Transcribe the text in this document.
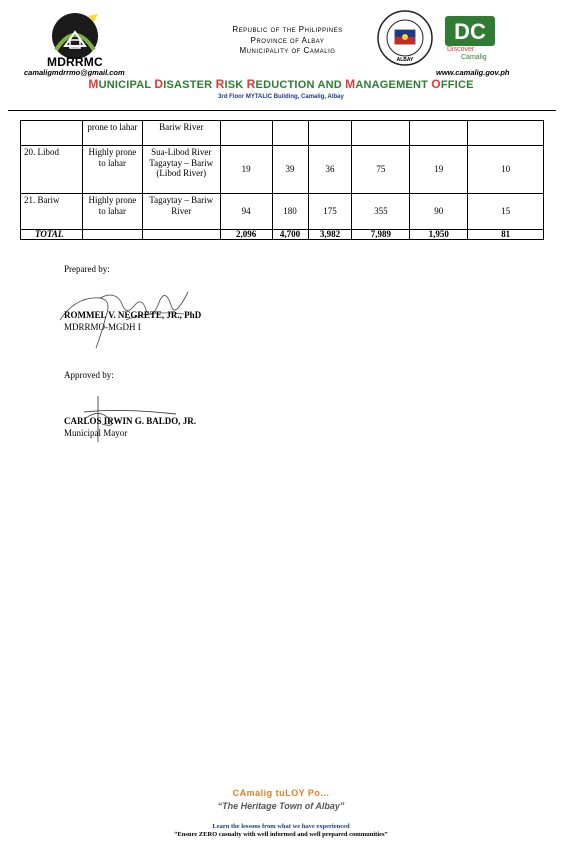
MDRRMC
camaligmdrrmo@gmail.com
Republic of the Philippines
Province of Albay
Municipality of Camalig
ALBAY
DC
Discover
Camalig
www.camalig.gov.ph
MUNICIPAL DISASTER RISK REDUCTION AND MANAGEMENT OFFICE
3rd Floor MYTALIC Building, Camalig, Albay
	prone to lahar	Bariw River						
20. Libod	Highly prone to lahar	Sua-Libod River Tagaytay – Bariw (Libod River)	19	39	36	75	19	10
21. Bariw	Highly prone to lahar	Tagaytay – Bariw River	94	180	175	355	90	15
TOTAL			2,096	4,700	3,982	7,989	1,950	81
Prepared by:
ROMMEL V. NEGRETE, JR., PhD
MDRRMO-MGDH I
Approved by:
CARLOS IRWIN G. BALDO, JR.
Municipal Mayor
CAmalig tuLOY Po...
“The Heritage Town of Albay”
Learn the lessons from what we have experienced
“Ensure ZERO casualty with well informed and well prepared communities”
